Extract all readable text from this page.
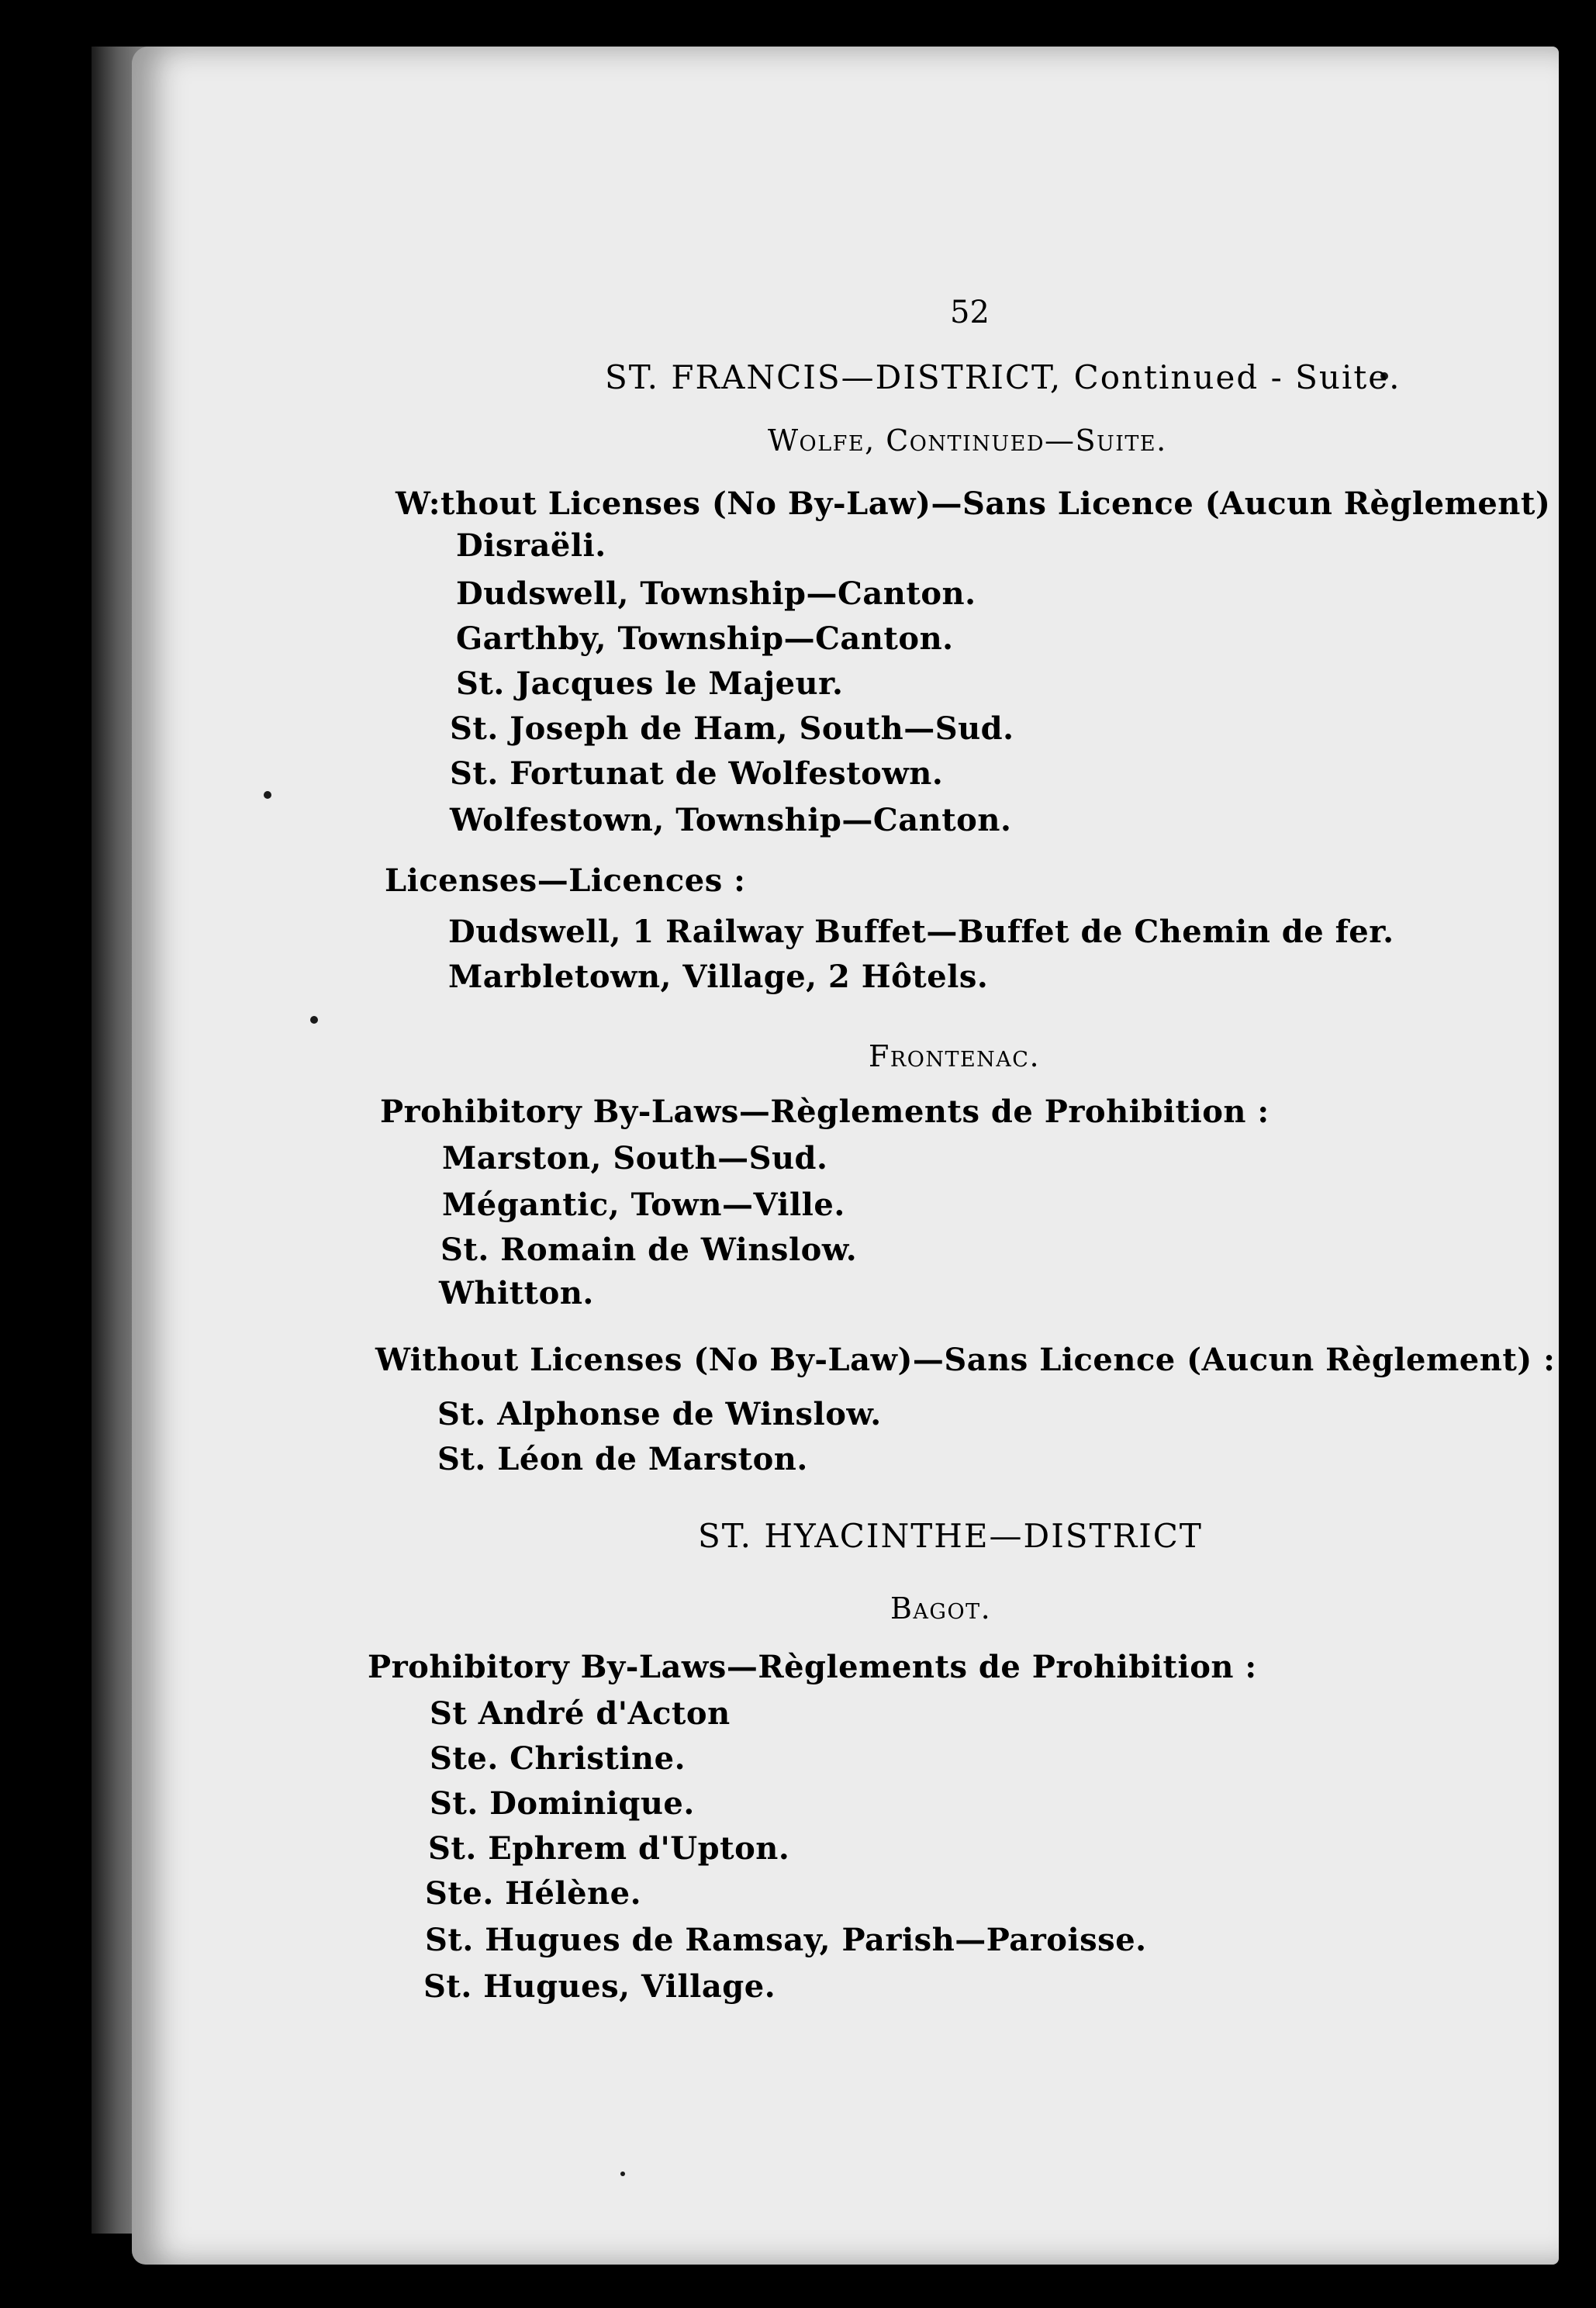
52
ST. FRANCIS—DISTRICT, Continued - Suite.
Wolfe, Continued—Suite.
W:thout Licenses (No By-Law)—Sans Licence (Aucun Règlement) :
Disraëli.
Dudswell, Township—Canton.
Garthby, Township—Canton.
St. Jacques le Majeur.
St. Joseph de Ham, South—Sud.
St. Fortunat de Wolfestown.
Wolfestown, Township—Canton.
Licenses—Licences :
Dudswell, 1 Railway Buffet—Buffet de Chemin de fer.
Marbletown, Village, 2 Hôtels.
Frontenac.
Prohibitory By-Laws—Règlements de Prohibition :
Marston, South—Sud.
Mégantic, Town—Ville.
St. Romain de Winslow.
Whitton.
Without Licenses (No By-Law)—Sans Licence (Aucun Règlement) :
St. Alphonse de Winslow.
St. Léon de Marston.
ST. HYACINTHE—DISTRICT
Bagot.
Prohibitory By-Laws—Règlements de Prohibition :
St André d'Acton
Ste. Christine.
St. Dominique.
St. Ephrem d'Upton.
Ste. Hélène.
St. Hugues de Ramsay, Parish—Paroisse.
St. Hugues, Village.
